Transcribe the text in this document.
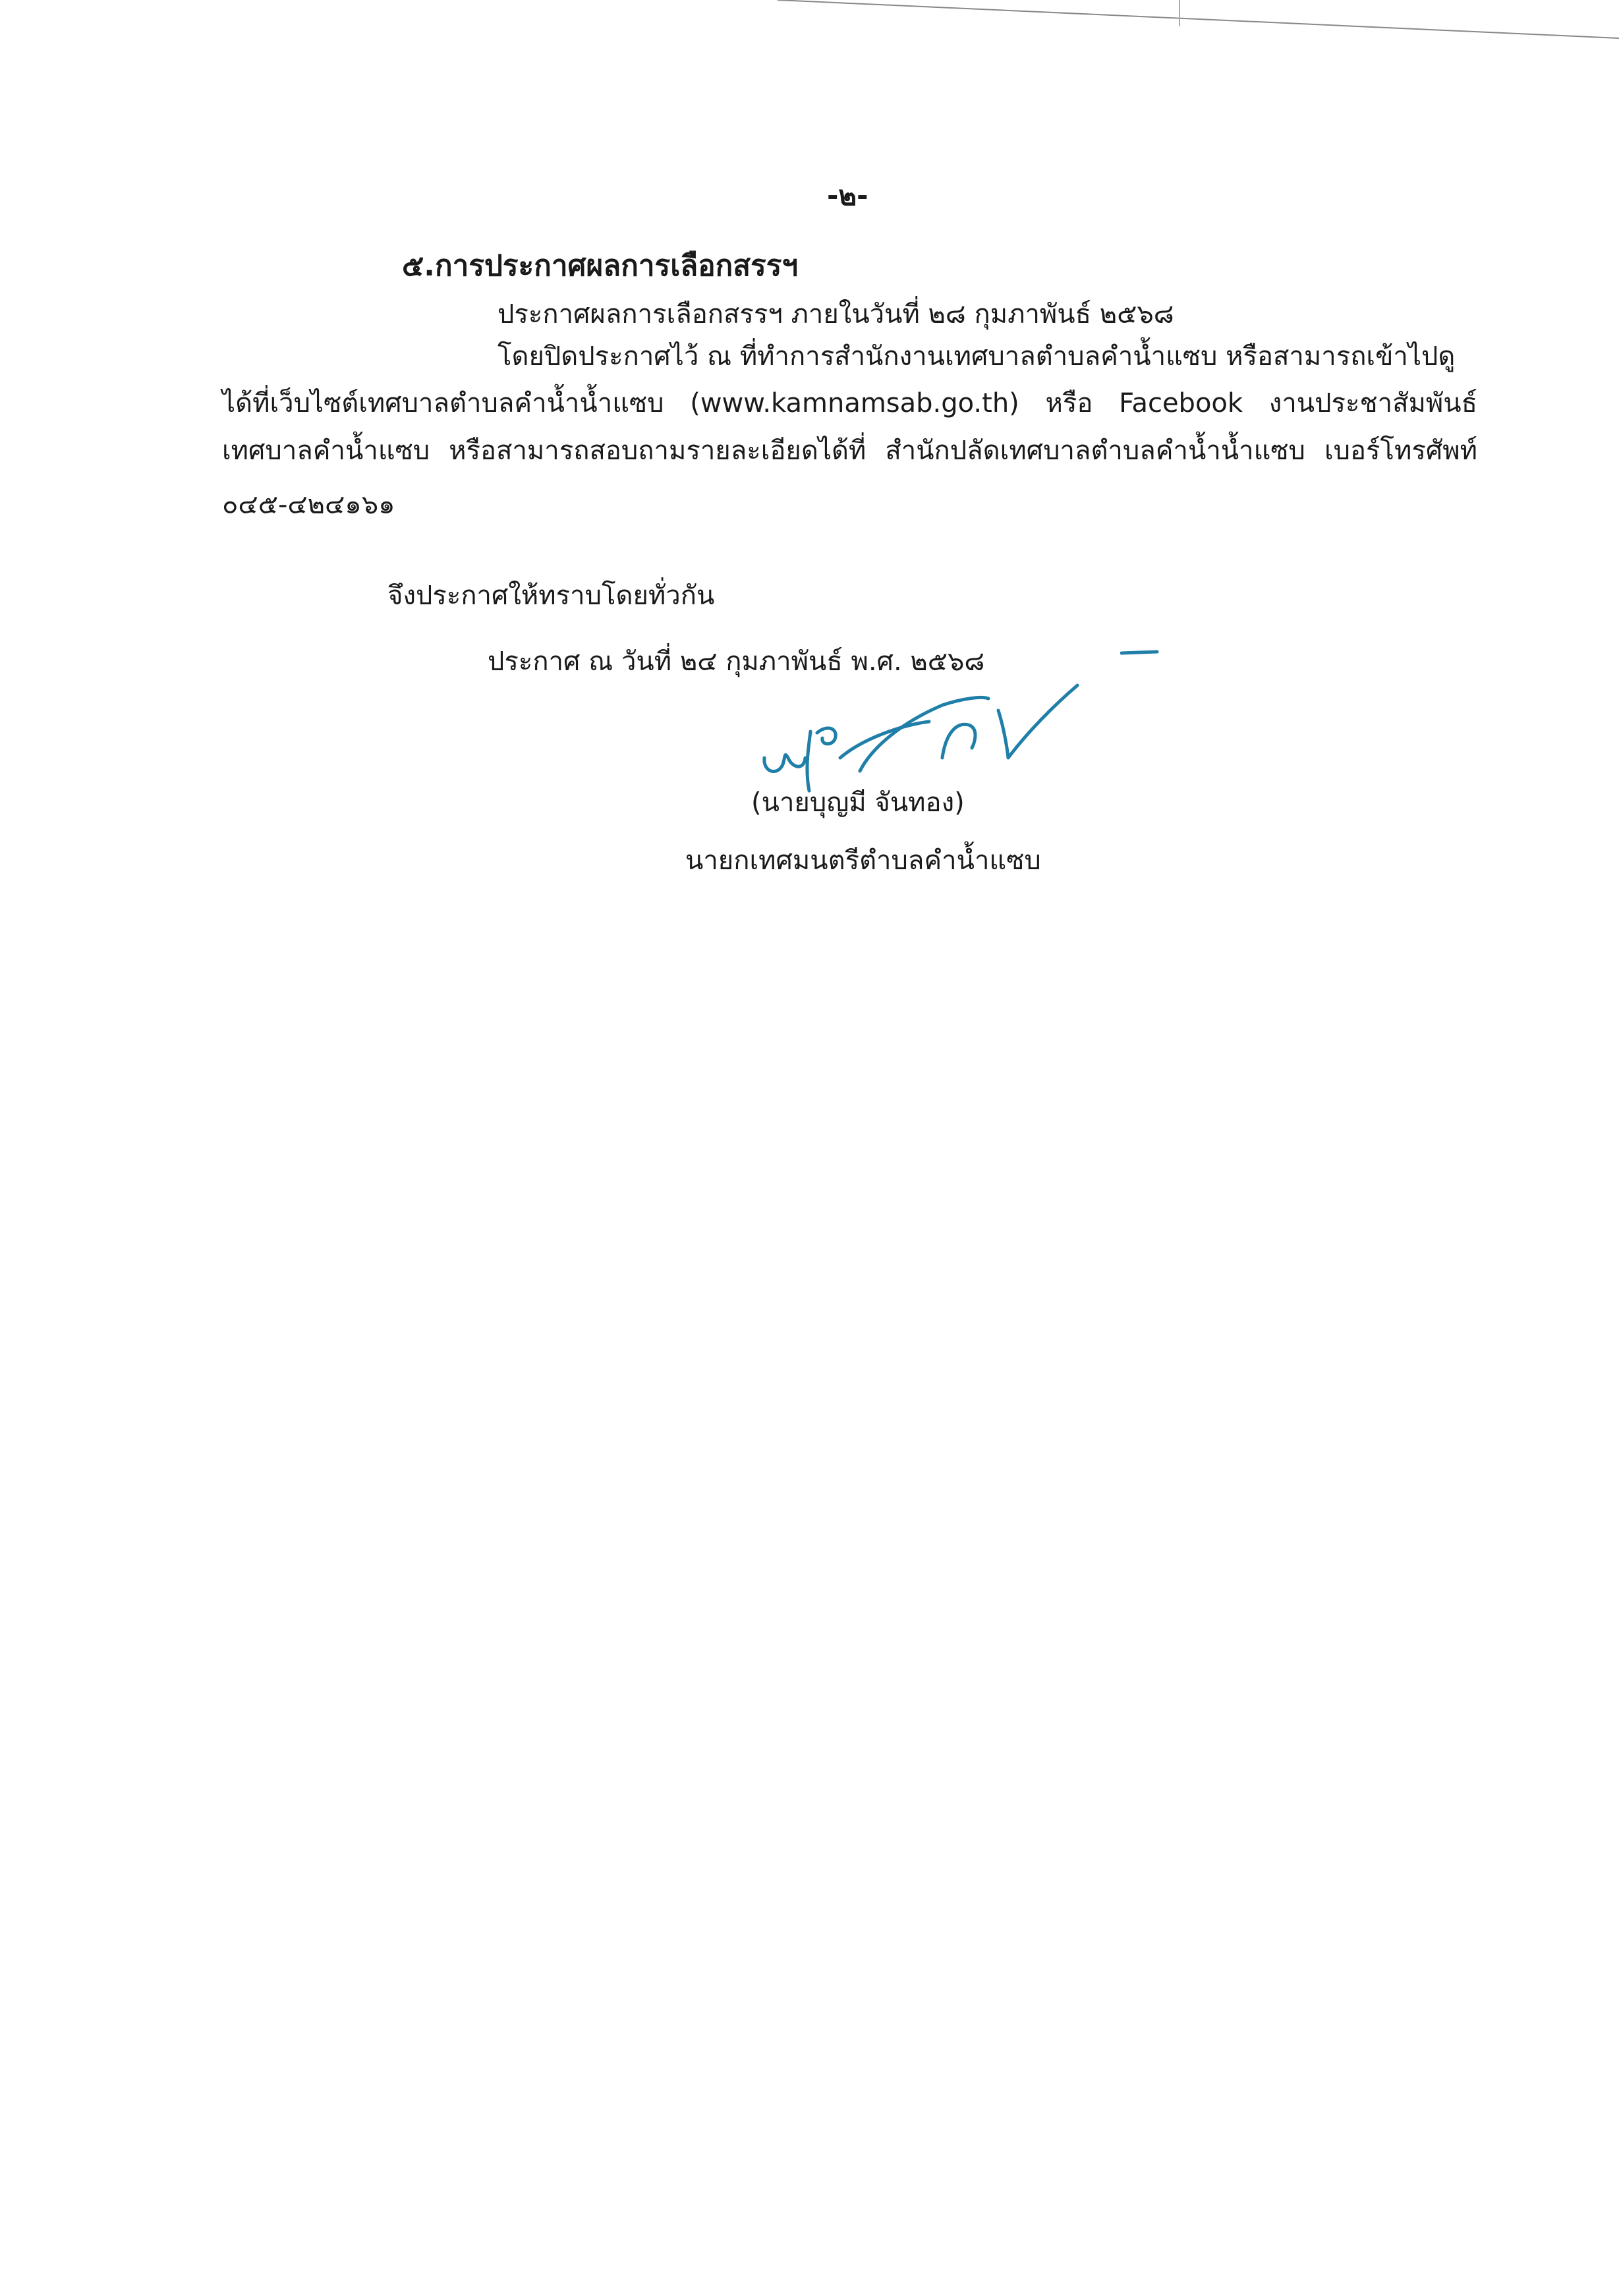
-๒-
๕.การประกาศผลการเลือกสรรฯ
ประกาศผลการเลือกสรรฯ ภายในวันที่ ๒๘ กุมภาพันธ์ ๒๕๖๘
โดยปิดประกาศไว้ ณ ที่ทำการสำนักงานเทศบาลตำบลคำน้ำแซบ หรือสามารถเข้าไปดู
ได้ที่เว็บไซต์เทศบาลตำบลคำน้ำน้ำแซบ (www.kamnamsab.go.th) หรือ Facebook งานประชาสัมพันธ์
เทศบาลคำน้ำแซบ หรือสามารถสอบถามรายละเอียดได้ที่ สำนักปลัดเทศบาลตำบลคำน้ำน้ำแซบ เบอร์โทรศัพท์
๐๔๕-๔๒๔๑๖๑
จึงประกาศให้ทราบโดยทั่วกัน
ประกาศ ณ วันที่ ๒๔ กุมภาพันธ์ พ.ศ. ๒๕๖๘
(นายบุญมี จันทอง)
นายกเทศมนตรีตำบลคำน้ำแซบ
